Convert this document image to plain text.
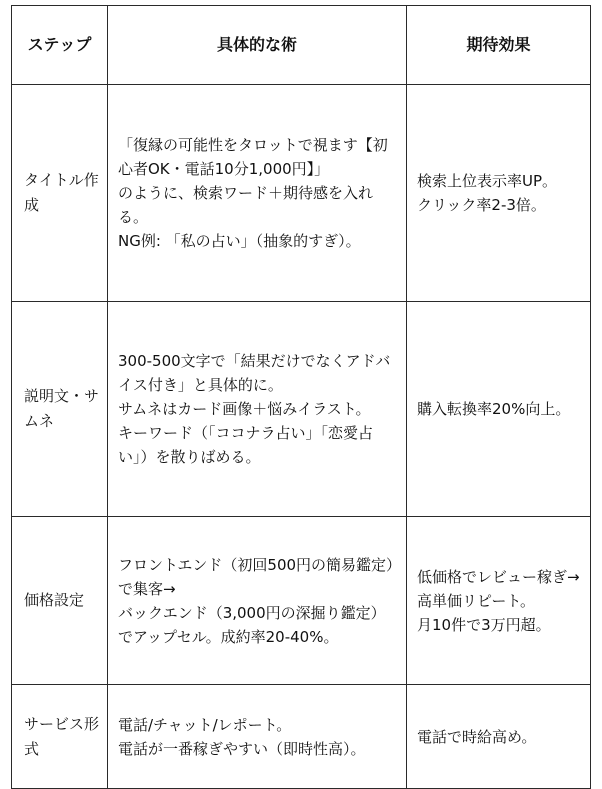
ステップ	具体的な術	期待効果
タイトル作成	「復縁の可能性をタロットで視ます【初心者OK・電話10分1,000円】」
のように、検索ワード＋期待感を入れる。
NG例: 「私の占い」（抽象的すぎ）。	検索上位表示率UP。
クリック率2-3倍。

説明文・サムネ	300-500文字で「結果だけでなくアドバイス付き」と具体的に。
サムネはカード画像＋悩みイラスト。
キーワード（「ココナラ占い」「恋愛占い」）を散りばめる。	購入転換率20%向上。

価格設定	フロントエンド（初回500円の簡易鑑定）で集客→
バックエンド（3,000円の深掘り鑑定）でアップセル。成約率20-40%。	低価格でレビュー稼ぎ→高単価リピート。
月10件で3万円超。

サービス形式	電話/チャット/レポート。
電話が一番稼ぎやすい（即時性高）。	電話で時給高め。
